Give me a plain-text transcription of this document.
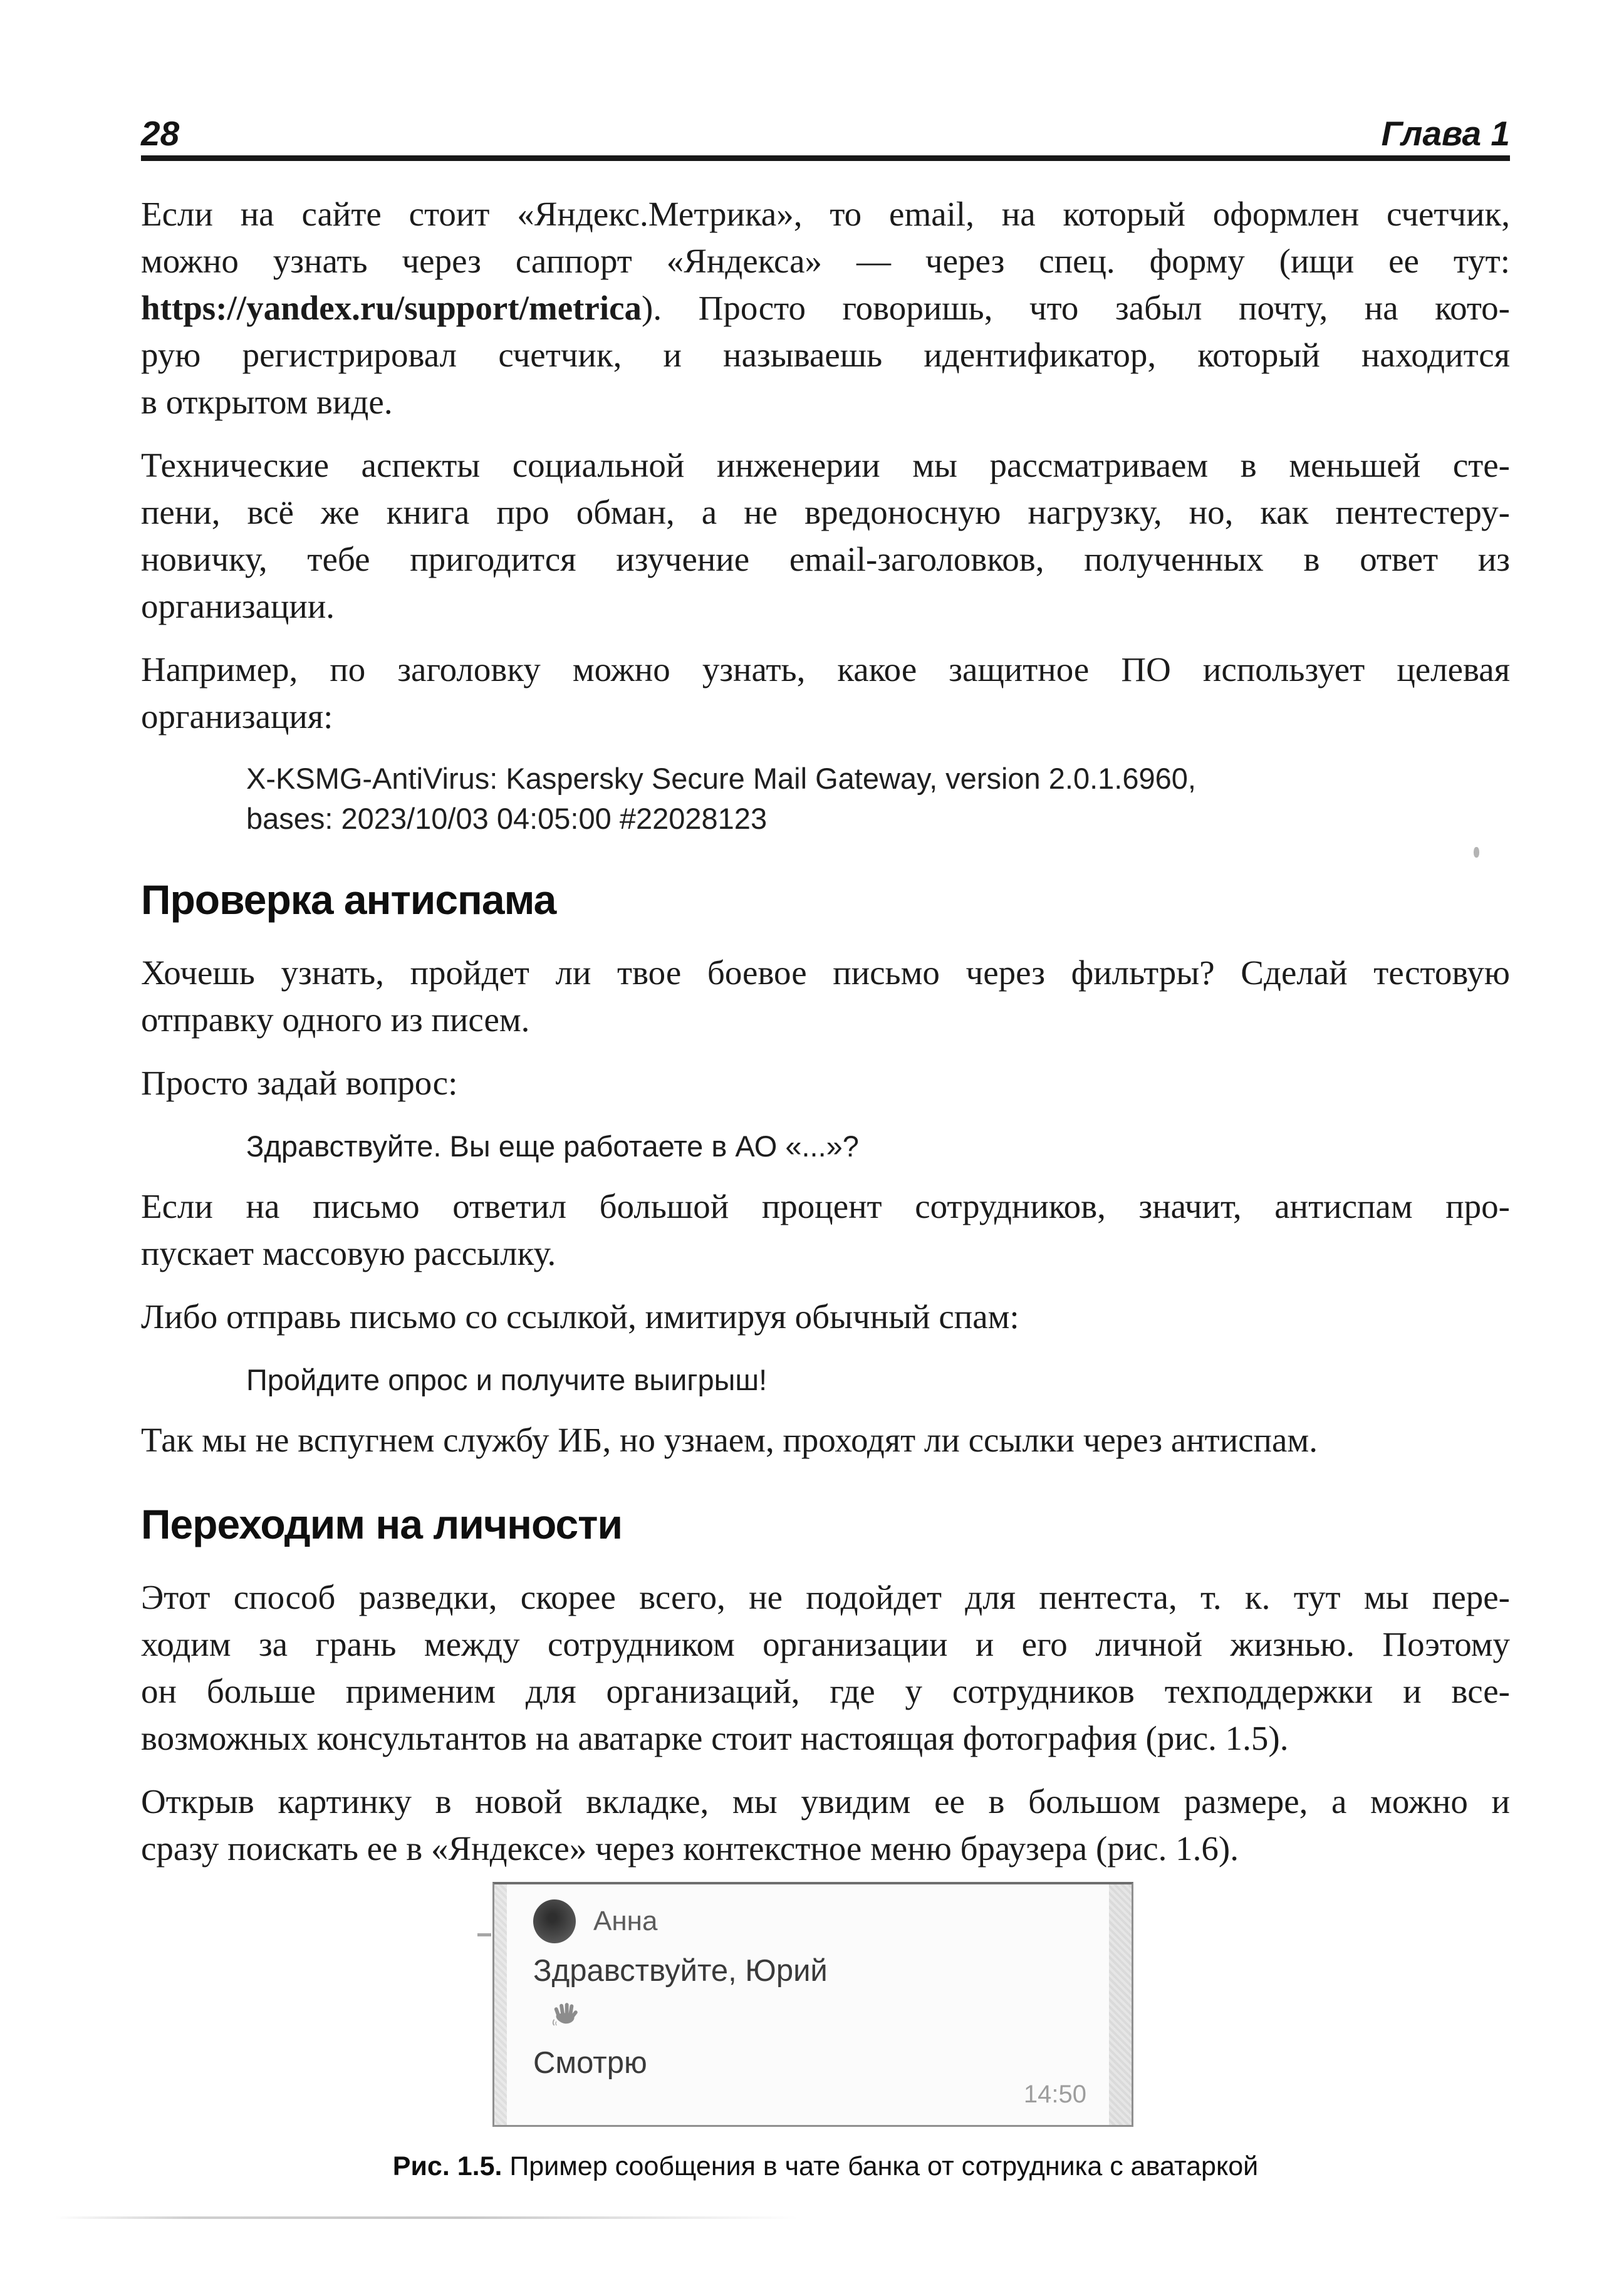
28	Глава 1
Если на сайте стоит «Яндекс.Метрика», то email, на который оформлен счетчик,
можно узнать через саппорт «Яндекса» — через спец. форму (ищи ее тут:
https://yandex.ru/support/metrica). Просто говоришь, что забыл почту, на кото-
рую регистрировал счетчик, и называешь идентификатор, который находится
в открытом виде.
Технические аспекты социальной инженерии мы рассматриваем в меньшей сте-
пени, всё же книга про обман, а не вредоносную нагрузку, но, как пентестеру-
новичку, тебе пригодится изучение email-заголовков, полученных в ответ из
организации.
Например, по заголовку можно узнать, какое защитное ПО использует целевая
организация:
X-KSMG-AntiVirus: Kaspersky Secure Mail Gateway, version 2.0.1.6960,
bases: 2023/10/03 04:05:00 #22028123
Проверка антиспама
Хочешь узнать, пройдет ли твое боевое письмо через фильтры? Сделай тестовую
отправку одного из писем.
Просто задай вопрос:
Здравствуйте. Вы еще работаете в АО «...»?
Если на письмо ответил большой процент сотрудников, значит, антиспам про-
пускает массовую рассылку.
Либо отправь письмо со ссылкой, имитируя обычный спам:
Пройдите опрос и получите выигрыш!
Так мы не вспугнем службу ИБ, но узнаем, проходят ли ссылки через антиспам.
Переходим на личности
Этот способ разведки, скорее всего, не подойдет для пентеста, т. к. тут мы пере-
ходим за грань между сотрудником организации и его личной жизнью. Поэтому
он больше применим для организаций, где у сотрудников техподдержки и все-
возможных консультантов на аватарке стоит настоящая фотография (рис. 1.5).
Открыв картинку в новой вкладке, мы увидим ее в большом размере, а можно и
сразу поискать ее в «Яндексе» через контекстное меню браузера (рис. 1.6).
Анна
Здравствуйте, Юрий
Смотрю
14:50
Рис. 1.5. Пример сообщения в чате банка от сотрудника с аватаркой
